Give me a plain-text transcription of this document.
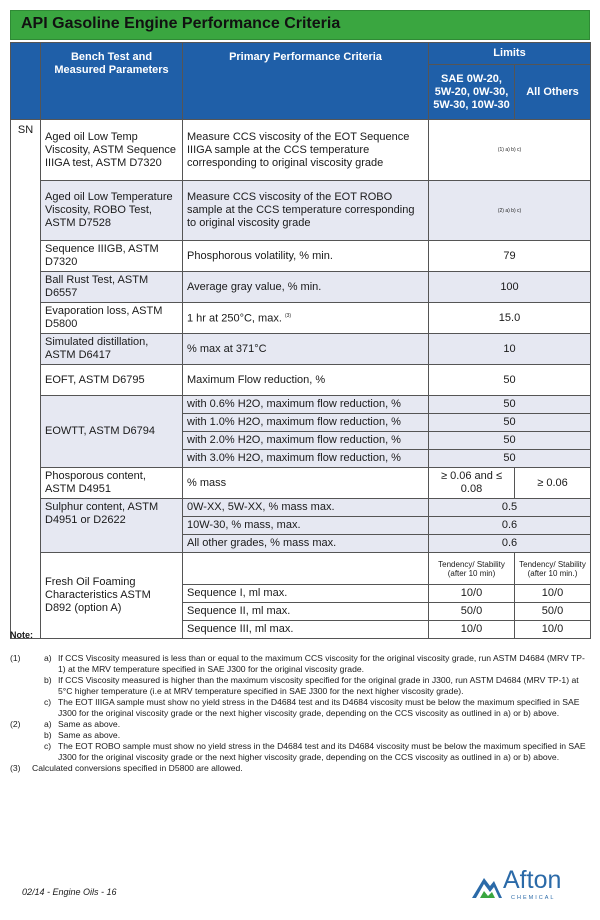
API Gasoline Engine Performance Criteria
	Bench Test and Measured Parameters	Primary Performance Criteria	Limits	
			SAE 0W-20, 5W-20, 0W-30, 5W-30, 10W-30	All Others
SN	Aged oil Low Temp Viscosity, ASTM Sequence IIIGA test, ASTM D7320	Measure CCS viscosity of the EOT Sequence IIIGA sample at the CCS temperature corresponding to original viscosity grade	(1) a) b) c)	
	Aged oil Low Temperature Viscosity, ROBO Test, ASTM D7528	Measure CCS viscosity of the EOT ROBO sample at the CCS temperature corresponding to original viscosity grade	(2) a) b) c)	
	Sequence IIIGB, ASTM D7320	Phosphorous volatility, % min.	79	
	Ball Rust Test, ASTM D6557	Average gray value, % min.	100	
	Evaporation loss, ASTM D5800	1 hr at 250°C, max. $^{(3)}$	15.0	
	Simulated distillation, ASTM D6417	% max at 371°C	10	
	EOFT, ASTM D6795	Maximum Flow reduction, %	50	
	EOWTT, ASTM D6794	with 0.6% H2O, maximum flow reduction, %	50	
		with 1.0% H2O, maximum flow reduction, %	50	
		with 2.0% H2O, maximum flow reduction, %	50	
		with 3.0% H2O, maximum flow reduction, %	50	
	Phosporous content, ASTM D4951	% mass	≥ 0.06 and ≤ 0.08	≥ 0.06
	Sulphur content, ASTM D4951 or D2622	0W-XX, 5W-XX, % mass max.	0.5	
		10W-30, % mass, max.	0.6	
		All other grades, % mass max.	0.6	
	Fresh Oil Foaming Characteristics ASTM D892 (option A)		Tendency/ Stability (after 10 min)	Tendency/ Stability (after 10 min.)
		Sequence I, ml max.	10/0	10/0
		Sequence II, ml max.	50/0	50/0
		Sequence III, ml max.	10/0	10/0
Note:
(1)	a) If CCS Viscosity measured is less than or equal to the maximum CCS viscosity for the original viscosity grade, run ASTM D4684 (MRV TP-1) at the MRV temperature specified in SAE J300 for the original viscosity grade.
b) If CCS Viscosity measured is higher than the maximum viscosity specified for the original grade in J300, run ASTM D4684 (MRV TP-1) at 5°C higher temperature (i.e at MRV temperature specified in SAE J300 for the next higher viscosity grade).
c) The EOT IIIGA sample must show no yield stress in the D4684 test and its D4684 viscosity must be below the maximum specified in SAE J300 for the original viscosity grade or the next higher viscosity grade, depending on the CCS viscosity as outlined in a) or b) above.
(2)	a) Same as above.
b) Same as above.
c) The EOT ROBO sample must show no yield stress in the D4684 test and its D4684 viscosity must be below the maximum specified in SAE J300 for the original viscosity grade or the next higher viscosity grade, depending on the CCS viscosity as outlined in a) or b) above.
(3) Calculated conversions specified in D5800 are allowed.
02/14 - Engine Oils - 16	Afton
CHEMICAL
